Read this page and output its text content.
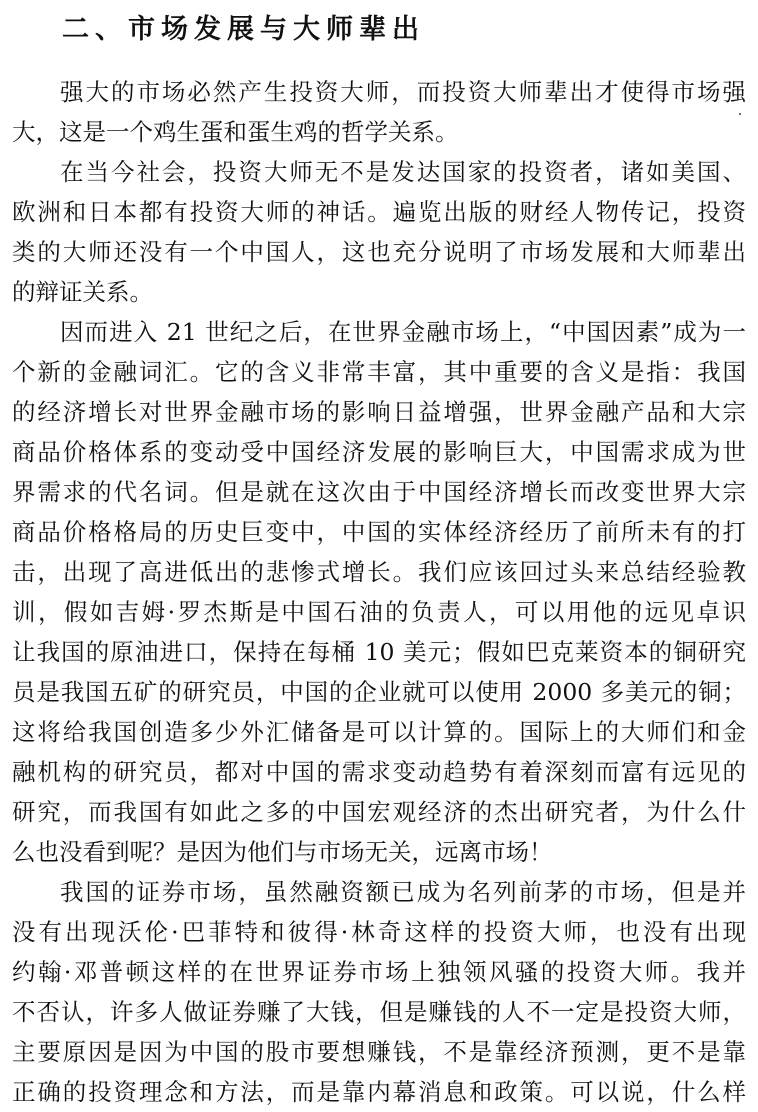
二、市场发展与大师辈出
强大的市场必然产生投资大师，而投资大师辈出才使得市场强
大，这是一个鸡生蛋和蛋生鸡的哲学关系。
在当今社会，投资大师无不是发达国家的投资者，诸如美国、
欧洲和日本都有投资大师的神话。遍览出版的财经人物传记，投资
类的大师还没有一个中国人，这也充分说明了市场发展和大师辈出
的辩证关系。
因而进入 21 世纪之后，在世界金融市场上，“中国因素”成为一
个新的金融词汇。它的含义非常丰富，其中重要的含义是指：我国
的经济增长对世界金融市场的影响日益增强，世界金融产品和大宗
商品价格体系的变动受中国经济发展的影响巨大，中国需求成为世
界需求的代名词。但是就在这次由于中国经济增长而改变世界大宗
商品价格格局的历史巨变中，中国的实体经济经历了前所未有的打
击，出现了高进低出的悲惨式增长。我们应该回过头来总结经验教
训，假如吉姆·罗杰斯是中国石油的负责人，可以用他的远见卓识
让我国的原油进口，保持在每桶 10 美元；假如巴克莱资本的铜研究
员是我国五矿的研究员，中国的企业就可以使用 2000 多美元的铜；
这将给我国创造多少外汇储备是可以计算的。国际上的大师们和金
融机构的研究员，都对中国的需求变动趋势有着深刻而富有远见的
研究，而我国有如此之多的中国宏观经济的杰出研究者，为什么什
么也没看到呢？是因为他们与市场无关，远离市场！
我国的证券市场，虽然融资额已成为名列前茅的市场，但是并
没有出现沃伦·巴菲特和彼得·林奇这样的投资大师，也没有出现
约翰·邓普顿这样的在世界证券市场上独领风骚的投资大师。我并
不否认，许多人做证券赚了大钱，但是赚钱的人不一定是投资大师，
主要原因是因为中国的股市要想赚钱，不是靠经济预测，更不是靠
正确的投资理念和方法，而是靠内幕消息和政策。可以说，什么样
